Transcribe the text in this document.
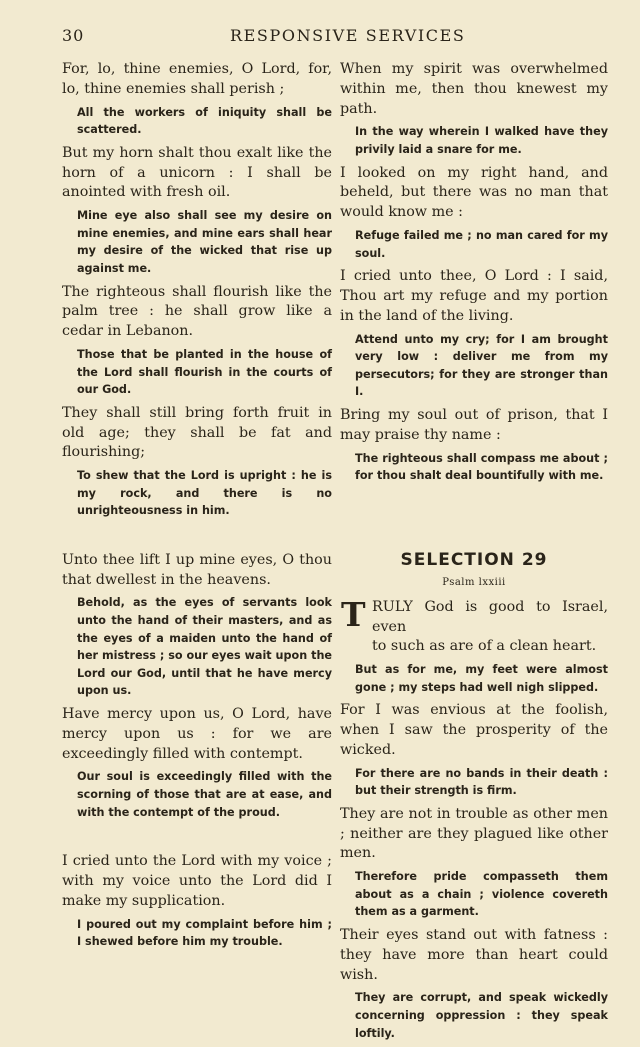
30	RESPONSIVE SERVICES

For, lo, thine enemies, O Lord, for, lo, thine enemies shall perish ;

All the workers of iniquity shall be scattered.

But my horn shalt thou exalt like the horn of a unicorn : I shall be anointed with fresh oil.

Mine eye also shall see my desire on mine enemies, and mine ears shall hear my desire of the wicked that rise up against me.

The righteous shall flourish like the palm tree : he shall grow like a cedar in Lebanon.

Those that be planted in the house of the Lord shall flourish in the courts of our God.

They shall still bring forth fruit in old age; they shall be fat and flourishing;

To shew that the Lord is upright : he is my rock, and there is no unrighteousness in him.

Unto thee lift I up mine eyes, O thou that dwellest in the heavens.

Behold, as the eyes of servants look unto the hand of their masters, and as the eyes of a maiden unto the hand of her mistress ; so our eyes wait upon the Lord our God, until that he have mercy upon us.

Have mercy upon us, O Lord, have mercy upon us : for we are exceedingly filled with contempt.

Our soul is exceedingly filled with the scorning of those that are at ease, and with the contempt of the proud.

I cried unto the Lord with my voice ; with my voice unto the Lord did I make my supplication.

I poured out my complaint before him ; I shewed before him my trouble.

When my spirit was overwhelmed within me, then thou knewest my path.

In the way wherein I walked have they privily laid a snare for me.

I looked on my right hand, and beheld, but there was no man that would know me :

Refuge failed me ; no man cared for my soul.

I cried unto thee, O Lord : I said, Thou art my refuge and my portion in the land of the living.

Attend unto my cry; for I am brought very low : deliver me from my persecutors; for they are stronger than I.

Bring my soul out of prison, that I may praise thy name :

The righteous shall compass me about ; for thou shalt deal bountifully with me.

SELECTION 29
Psalm lxxiii
T RULY God is good to Israel, even

to such as are of a clean heart.

But as for me, my feet were almost gone ; my steps had well nigh slipped.

For I was envious at the foolish, when I saw the prosperity of the wicked.

For there are no bands in their death : but their strength is firm.

They are not in trouble as other men ; neither are they plagued like other men.

Therefore pride compasseth them about as a chain ; violence covereth them as a garment.

Their eyes stand out with fatness : they have more than heart could wish.

They are corrupt, and speak wickedly concerning oppression : they speak loftily.
